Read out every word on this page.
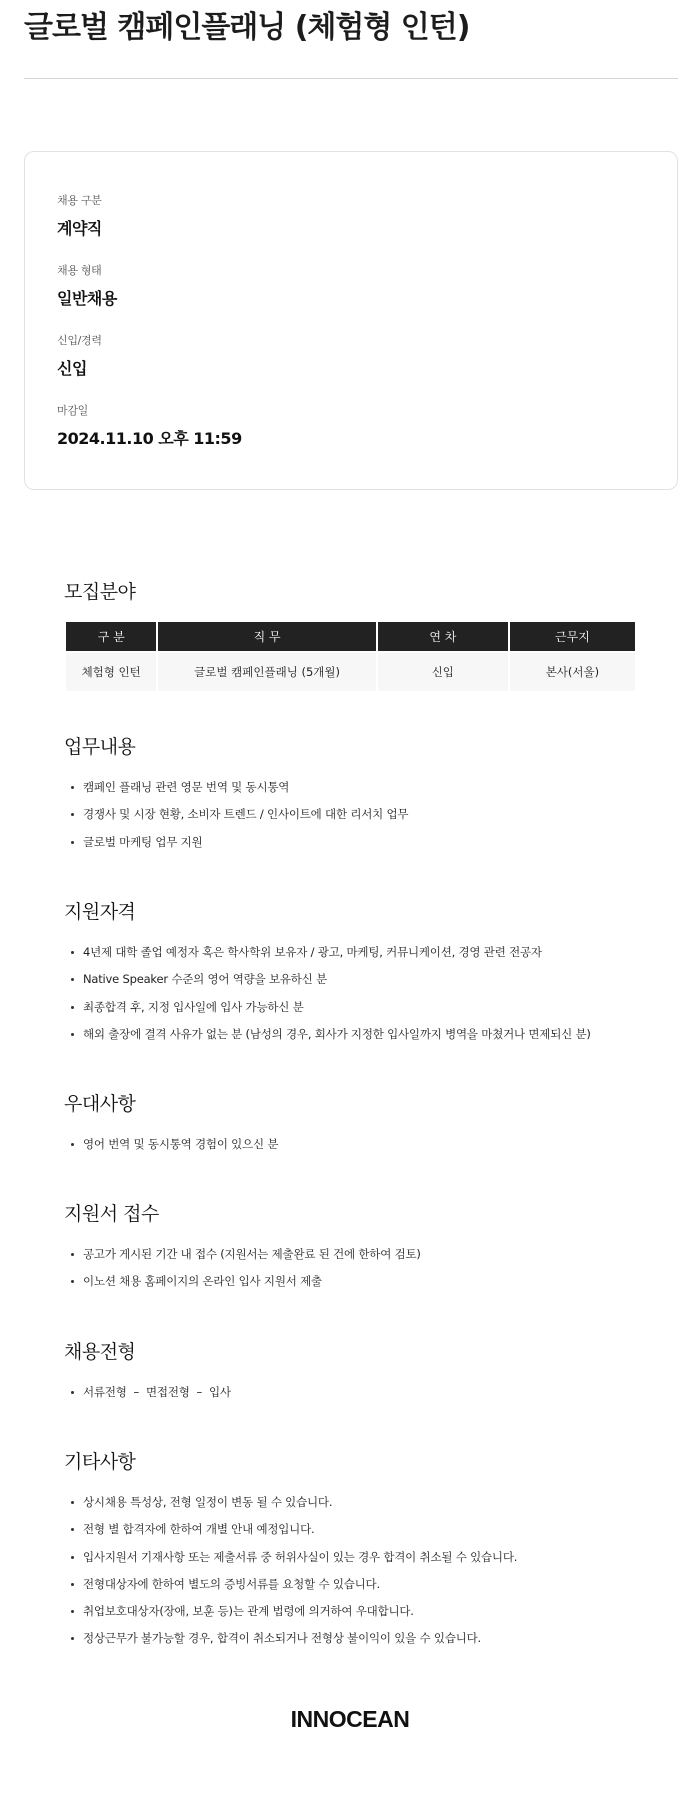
글로벌 캠페인플래닝 (체험형 인턴)
채용 구분
계약직
채용 형태
일반채용
신입/경력
신입
마감일
2024.11.10 오후 11:59
모집분야
구 분	직 무	연 차	근무지
체험형 인턴	글로벌 캠페인플래닝 (5개월)	신입	본사(서울)
업무내용
캠페인 플래닝 관련 영문 번역 및 동시통역
경쟁사 및 시장 현황, 소비자 트렌드 / 인사이트에 대한 리서치 업무
글로벌 마케팅 업무 지원
지원자격
4년제 대학 졸업 예정자 혹은 학사학위 보유자 / 광고, 마케팅, 커뮤니케이션, 경영 관련 전공자
Native Speaker 수준의 영어 역량을 보유하신 분
최종합격 후, 지정 입사일에 입사 가능하신 분
해외 출장에 결격 사유가 없는 분 (남성의 경우, 회사가 지정한 입사일까지 병역을 마쳤거나 면제되신 분)
우대사항
영어 번역 및 동시통역 경험이 있으신 분
지원서 접수
공고가 게시된 기간 내 접수 (지원서는 제출완료 된 건에 한하여 검토)
이노션 채용 홈페이지의 온라인 입사 지원서 제출
채용전형
서류전형  –  면접전형  –  입사
기타사항
상시채용 특성상, 전형 일정이 변동 될 수 있습니다.
전형 별 합격자에 한하여 개별 안내 예정입니다.
입사지원서 기재사항 또는 제출서류 중 허위사실이 있는 경우 합격이 취소될 수 있습니다.
전형대상자에 한하여 별도의 증빙서류를 요청할 수 있습니다.
취업보호대상자(장애, 보훈 등)는 관계 법령에 의거하여 우대합니다.
정상근무가 불가능할 경우, 합격이 취소되거나 전형상 불이익이 있을 수 있습니다.
INNOCEAN
